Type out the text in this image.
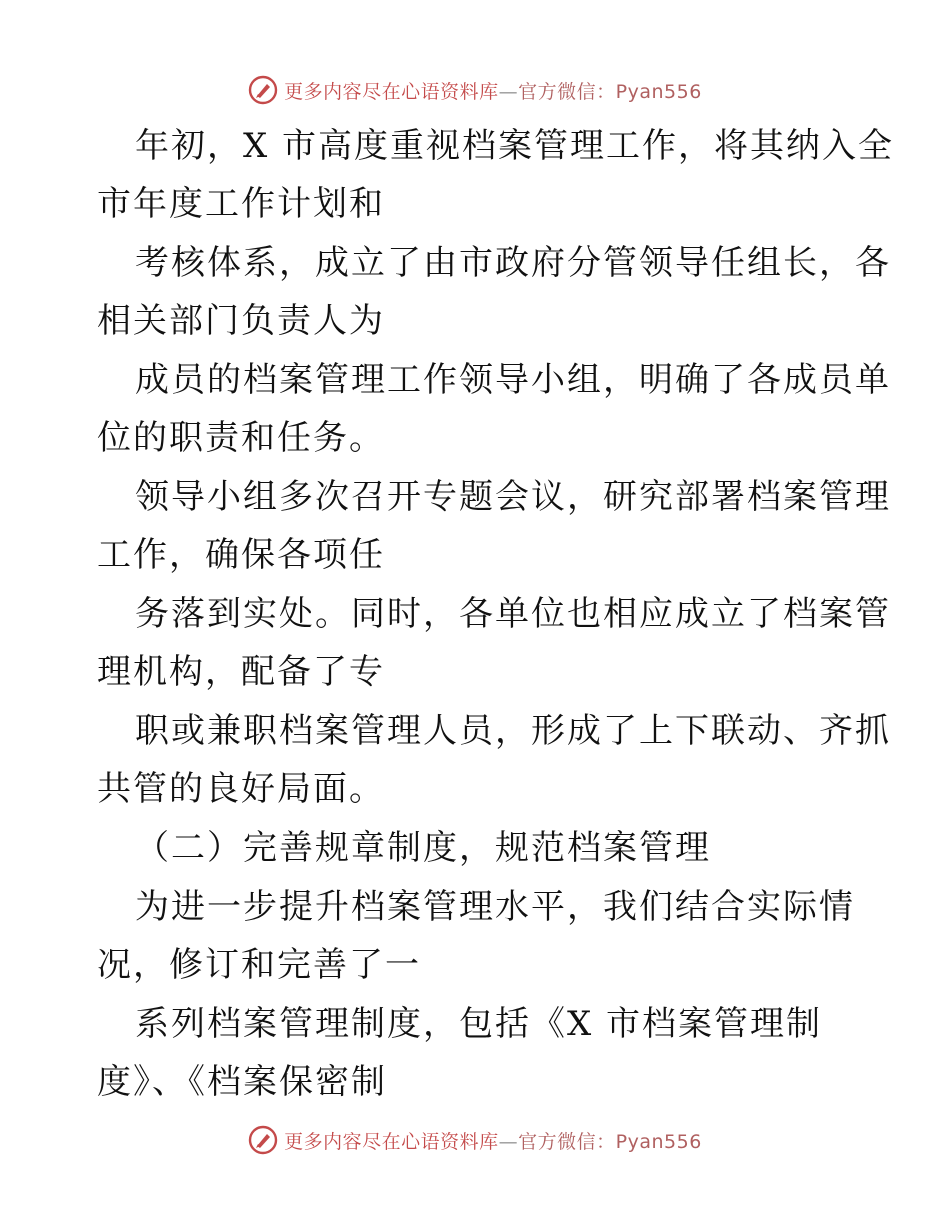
更多内容尽在心语资料库—官方微信：Pyan556
年初，X 市高度重视档案管理工作，将其纳入全
市年度工作计划和
考核体系，成立了由市政府分管领导任组长，各
相关部门负责人为
成员的档案管理工作领导小组，明确了各成员单
位的职责和任务。
领导小组多次召开专题会议，研究部署档案管理
工作，确保各项任
务落到实处。同时，各单位也相应成立了档案管
理机构，配备了专
职或兼职档案管理人员，形成了上下联动、齐抓
共管的良好局面。
（二）完善规章制度，规范档案管理
为进一步提升档案管理水平，我们结合实际情
况，修订和完善了一
系列档案管理制度，包括《X 市档案管理制
度》、《档案保密制
更多内容尽在心语资料库—官方微信：Pyan556
